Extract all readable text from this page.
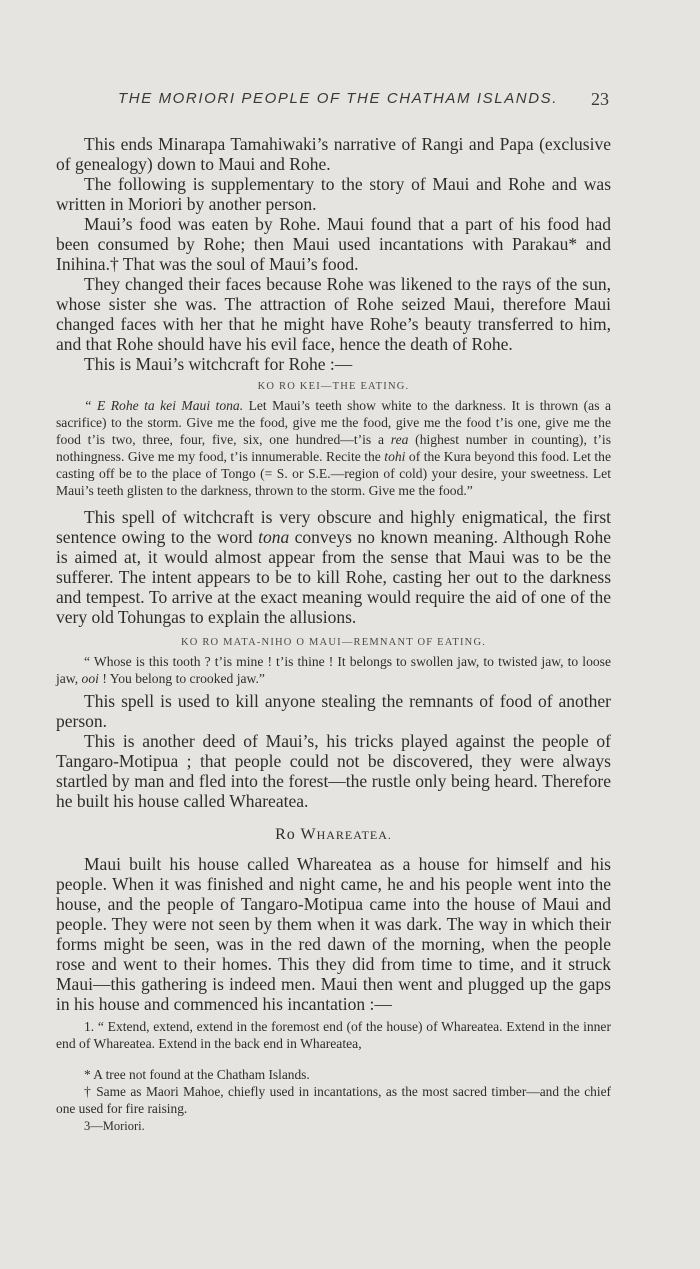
THE MORIORI PEOPLE OF THE CHATHAM ISLANDS.	23

This ends Minarapa Tamahiwaki’s narrative of Rangi and Papa (exclusive of genealogy) down to Maui and Rohe.

The following is supplementary to the story of Maui and Rohe and was written in Moriori by another person.

Maui’s food was eaten by Rohe. Maui found that a part of his food had been consumed by Rohe; then Maui used incantations with Parakau* and Inihina.† That was the soul of Maui’s food.

They changed their faces because Rohe was likened to the rays of the sun, whose sister she was. The attraction of Rohe seized Maui, therefore Maui changed faces with her that he might have Rohe’s beauty transferred to him, and that Rohe should have his evil face, hence the death of Rohe.

This is Maui’s witchcraft for Rohe :—

KO RO KEI—THE EATING.

“ E Rohe ta kei Maui tona. Let Maui’s teeth show white to the darkness. It is thrown (as a sacrifice) to the storm. Give me the food, give me the food, give me the food t’is one, give me the food t’is two, three, four, five, six, one hundred—t’is a rea (highest number in counting), t’is nothingness. Give me my food, t’is innumerable. Recite the tohi of the Kura beyond this food. Let the casting off be to the place of Tongo (= S. or S.E.—region of cold) your desire, your sweetness. Let Maui’s teeth glisten to the darkness, thrown to the storm. Give me the food.”

This spell of witchcraft is very obscure and highly enigmatical, the first sentence owing to the word tona conveys no known meaning. Although Rohe is aimed at, it would almost appear from the sense that Maui was to be the sufferer. The intent appears to be to kill Rohe, casting her out to the darkness and tempest. To arrive at the exact meaning would require the aid of one of the very old Tohungas to explain the allusions.

KO RO MATA-NIHO O MAUI—REMNANT OF EATING.

“ Whose is this tooth ? t’is mine ! t’is thine ! It belongs to swollen jaw, to twisted jaw, to loose jaw, ooi ! You belong to crooked jaw.”

This spell is used to kill anyone stealing the remnants of food of another person.

This is another deed of Maui’s, his tricks played against the people of Tangaro-Motipua ; that people could not be discovered, they were always startled by man and fled into the forest—the rustle only being heard. Therefore he built his house called Whareatea.

Ro WHAREATEA.

Maui built his house called Whareatea as a house for himself and his people. When it was finished and night came, he and his people went into the house, and the people of Tangaro-Motipua came into the house of Maui and people. They were not seen by them when it was dark. The way in which their forms might be seen, was in the red dawn of the morning, when the people rose and went to their homes. This they did from time to time, and it struck Maui—this gathering is indeed men. Maui then went and plugged up the gaps in his house and commenced his incantation :—

1. “ Extend, extend, extend in the foremost end (of the house) of Whareatea. Extend in the inner end of Whareatea. Extend in the back end in Whareatea,

* A tree not found at the Chatham Islands.

† Same as Maori Mahoe, chiefly used in incantations, as the most sacred timber—and the chief one used for fire raising.

3—Moriori.
